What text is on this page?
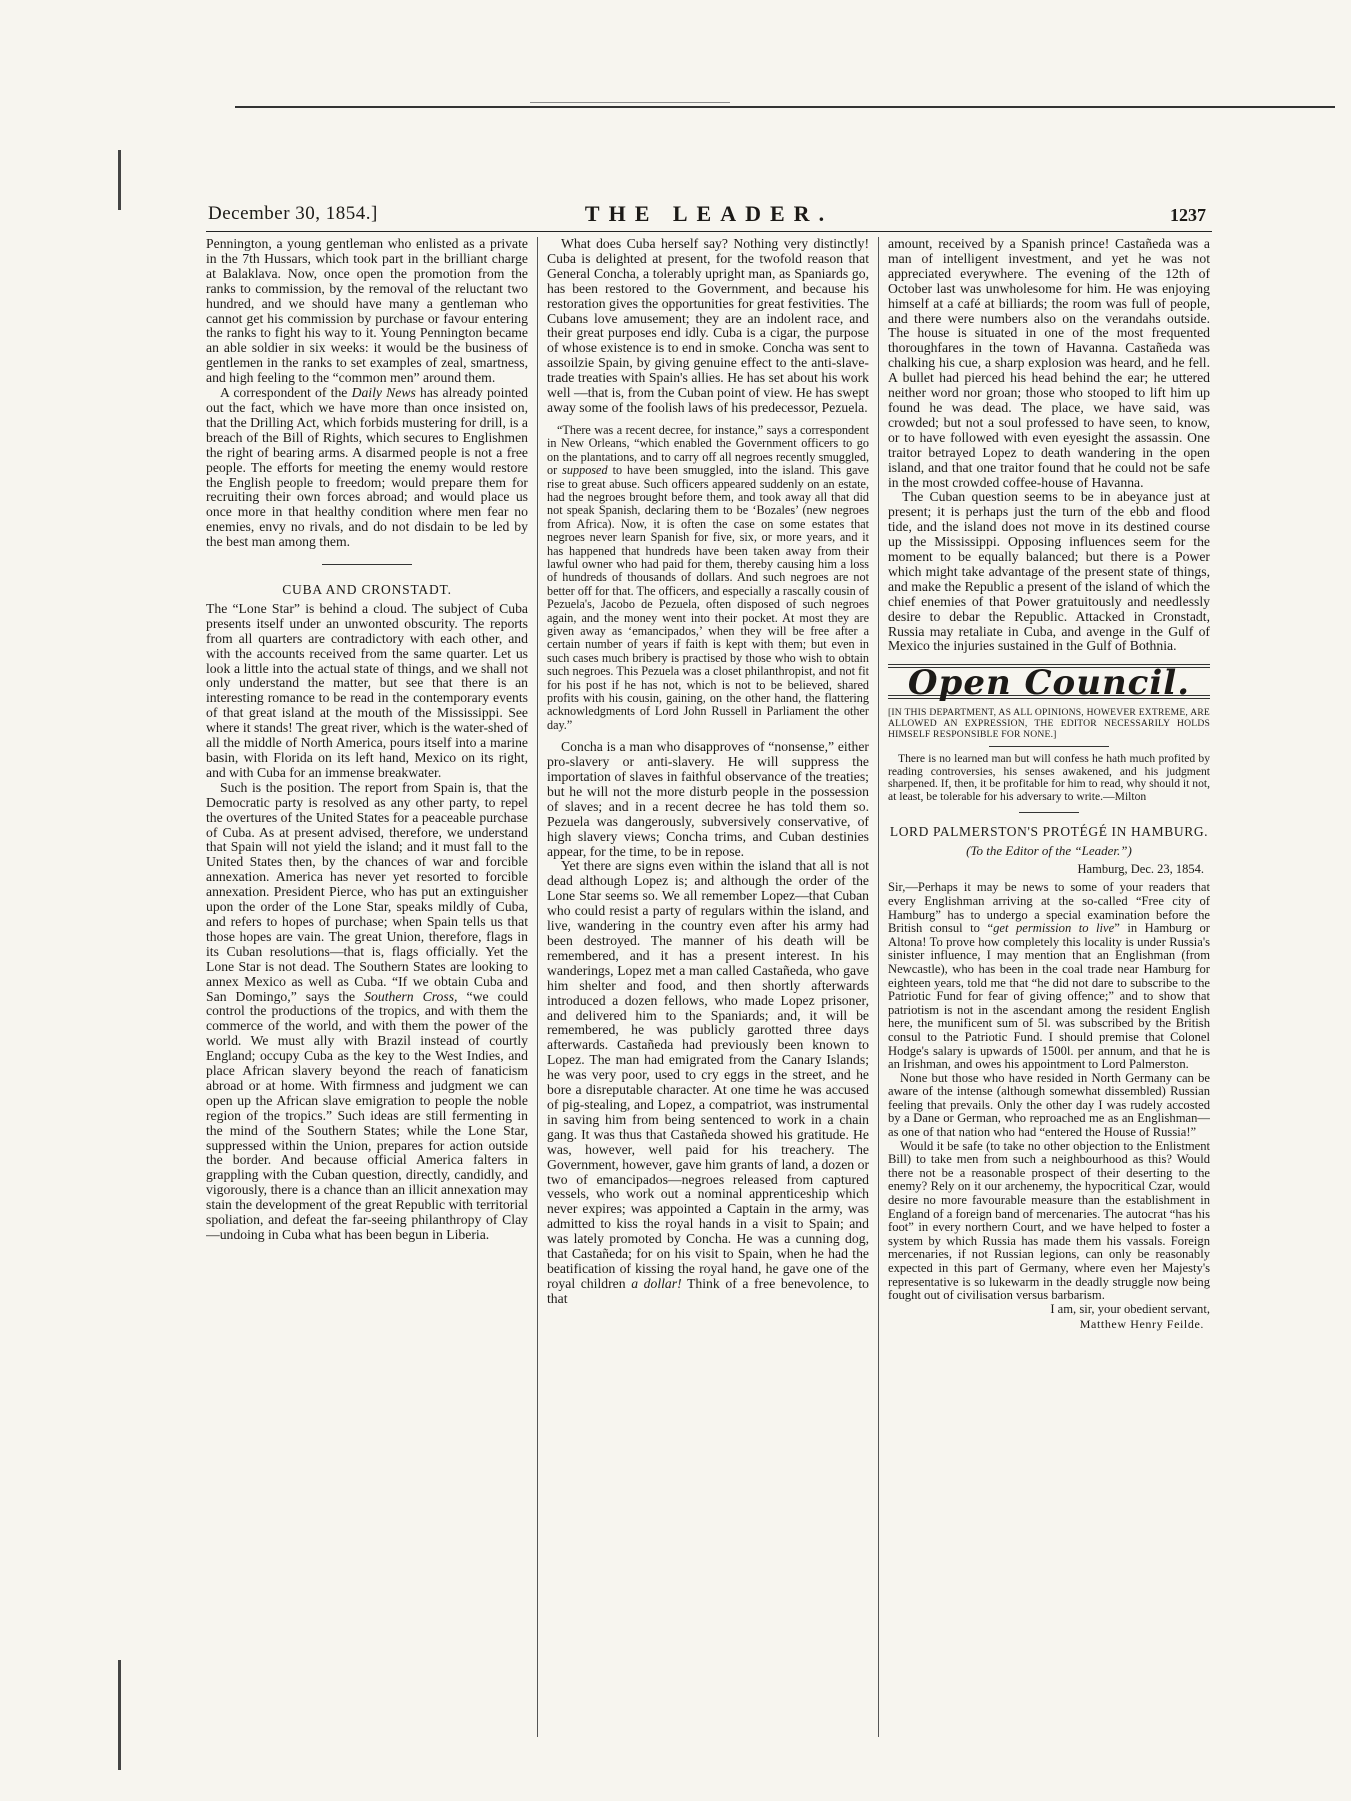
December 30, 1854.]	THE LEADER.	1237

Pennington, a young gentleman who enlisted as a private in the 7th Hussars, which took part in the brilliant charge at Balaklava. Now, once open the promotion from the ranks to commission, by the removal of the reluctant two hundred, and we should have many a gentleman who cannot get his commission by purchase or favour entering the ranks to fight his way to it. Young Pennington became an able soldier in six weeks: it would be the business of gentlemen in the ranks to set examples of zeal, smartness, and high feeling to the “common men” around them.

A correspondent of the Daily News has already pointed out the fact, which we have more than once insisted on, that the Drilling Act, which forbids mustering for drill, is a breach of the Bill of Rights, which secures to Englishmen the right of bearing arms. A disarmed people is not a free people. The efforts for meeting the enemy would restore the English people to freedom; would prepare them for recruiting their own forces abroad; and would place us once more in that healthy condition where men fear no enemies, envy no rivals, and do not disdain to be led by the best man among them.

CUBA AND CRONSTADT.

The “Lone Star” is behind a cloud. The subject of Cuba presents itself under an unwonted obscurity. The reports from all quarters are contradictory with each other, and with the accounts received from the same quarter. Let us look a little into the actual state of things, and we shall not only understand the matter, but see that there is an interesting romance to be read in the contemporary events of that great island at the mouth of the Mississippi. See where it stands! The great river, which is the water-shed of all the middle of North America, pours itself into a marine basin, with Florida on its left hand, Mexico on its right, and with Cuba for an immense breakwater.

Such is the position. The report from Spain is, that the Democratic party is resolved as any other party, to repel the overtures of the United States for a peaceable purchase of Cuba. As at present advised, therefore, we understand that Spain will not yield the island; and it must fall to the United States then, by the chances of war and forcible annexation. America has never yet resorted to forcible annexation. President Pierce, who has put an extinguisher upon the order of the Lone Star, speaks mildly of Cuba, and refers to hopes of purchase; when Spain tells us that those hopes are vain. The great Union, therefore, flags in its Cuban resolutions—that is, flags officially. Yet the Lone Star is not dead. The Southern States are looking to annex Mexico as well as Cuba. “If we obtain Cuba and San Domingo,” says the Southern Cross, “we could control the productions of the tropics, and with them the commerce of the world, and with them the power of the world. We must ally with Brazil instead of courtly England; occupy Cuba as the key to the West Indies, and place African slavery beyond the reach of fanaticism abroad or at home. With firmness and judgment we can open up the African slave emigration to people the noble region of the tropics.” Such ideas are still fermenting in the mind of the Southern States; while the Lone Star, suppressed within the Union, prepares for action outside the border. And because official America falters in grappling with the Cuban question, directly, candidly, and vigorously, there is a chance than an illicit annexation may stain the development of the great Republic with territorial spoliation, and defeat the far-seeing philanthropy of Clay—undoing in Cuba what has been begun in Liberia.

What does Cuba herself say? Nothing very distinctly! Cuba is delighted at present, for the twofold reason that General Concha, a tolerably upright man, as Spaniards go, has been restored to the Government, and because his restoration gives the opportunities for great festivities. The Cubans love amusement; they are an indolent race, and their great purposes end idly. Cuba is a cigar, the purpose of whose existence is to end in smoke. Concha was sent to assoilzie Spain, by giving genuine effect to the anti-slave-trade treaties with Spain's allies. He has set about his work well —that is, from the Cuban point of view. He has swept away some of the foolish laws of his predecessor, Pezuela.

“There was a recent decree, for instance,” says a correspondent in New Orleans, “which enabled the Government officers to go on the plantations, and to carry off all negroes recently smuggled, or supposed to have been smuggled, into the island. This gave rise to great abuse. Such officers appeared suddenly on an estate, had the negroes brought before them, and took away all that did not speak Spanish, declaring them to be ‘Bozales’ (new negroes from Africa). Now, it is often the case on some estates that negroes never learn Spanish for five, six, or more years, and it has happened that hundreds have been taken away from their lawful owner who had paid for them, thereby causing him a loss of hundreds of thousands of dollars. And such negroes are not better off for that. The officers, and especially a rascally cousin of Pezuela's, Jacobo de Pezuela, often disposed of such negroes again, and the money went into their pocket. At most they are given away as ‘emancipados,’ when they will be free after a certain number of years if faith is kept with them; but even in such cases much bribery is practised by those who wish to obtain such negroes. This Pezuela was a closet philanthropist, and not fit for his post if he has not, which is not to be believed, shared profits with his cousin, gaining, on the other hand, the flattering acknowledgments of Lord John Russell in Parliament the other day.”

Concha is a man who disapproves of “nonsense,” either pro-slavery or anti-slavery. He will suppress the importation of slaves in faithful observance of the treaties; but he will not the more disturb people in the possession of slaves; and in a recent decree he has told them so. Pezuela was dangerously, subversively conservative, of high slavery views; Concha trims, and Cuban destinies appear, for the time, to be in repose.

Yet there are signs even within the island that all is not dead although Lopez is; and although the order of the Lone Star seems so. We all remember Lopez—that Cuban who could resist a party of regulars within the island, and live, wandering in the country even after his army had been destroyed. The manner of his death will be remembered, and it has a present interest. In his wanderings, Lopez met a man called Castañeda, who gave him shelter and food, and then shortly afterwards introduced a dozen fellows, who made Lopez prisoner, and delivered him to the Spaniards; and, it will be remembered, he was publicly garotted three days afterwards. Castañeda had previously been known to Lopez. The man had emigrated from the Canary Islands; he was very poor, used to cry eggs in the street, and he bore a disreputable character. At one time he was accused of pig-stealing, and Lopez, a compatriot, was instrumental in saving him from being sentenced to work in a chain gang. It was thus that Castañeda showed his gratitude. He was, however, well paid for his treachery. The Government, however, gave him grants of land, a dozen or two of emancipados—negroes released from captured vessels, who work out a nominal apprenticeship which never expires; was appointed a Captain in the army, was admitted to kiss the royal hands in a visit to Spain; and was lately promoted by Concha. He was a cunning dog, that Castañeda; for on his visit to Spain, when he had the beatification of kissing the royal hand, he gave one of the royal children a dollar! Think of a free benevolence, to that

amount, received by a Spanish prince! Castañeda was a man of intelligent investment, and yet he was not appreciated everywhere. The evening of the 12th of October last was unwholesome for him. He was enjoying himself at a café at billiards; the room was full of people, and there were numbers also on the verandahs outside. The house is situated in one of the most frequented thoroughfares in the town of Havanna. Castañeda was chalking his cue, a sharp explosion was heard, and he fell. A bullet had pierced his head behind the ear; he uttered neither word nor groan; those who stooped to lift him up found he was dead. The place, we have said, was crowded; but not a soul professed to have seen, to know, or to have followed with even eyesight the assassin. One traitor betrayed Lopez to death wandering in the open island, and that one traitor found that he could not be safe in the most crowded coffee-house of Havanna.

The Cuban question seems to be in abeyance just at present; it is perhaps just the turn of the ebb and flood tide, and the island does not move in its destined course up the Mississippi. Opposing influences seem for the moment to be equally balanced; but there is a Power which might take advantage of the present state of things, and make the Republic a present of the island of which the chief enemies of that Power gratuitously and needlessly desire to debar the Republic. Attacked in Cronstadt, Russia may retaliate in Cuba, and avenge in the Gulf of Mexico the injuries sustained in the Gulf of Bothnia.

Open Council.
[IN THIS DEPARTMENT, AS ALL OPINIONS, HOWEVER EXTREME, ARE ALLOWED AN EXPRESSION, THE EDITOR NECESSARILY HOLDS HIMSELF RESPONSIBLE FOR NONE.]

There is no learned man but will confess he hath much profited by reading controversies, his senses awakened, and his judgment sharpened. If, then, it be profitable for him to read, why should it not, at least, be tolerable for his adversary to write.—Milton

LORD PALMERSTON'S PROTÉGÉ IN HAMBURG.
(To the Editor of the “Leader.”)
Hamburg, Dec. 23, 1854.

Sir,—Perhaps it may be news to some of your readers that every Englishman arriving at the so-called “Free city of Hamburg” has to undergo a special examination before the British consul to “get permission to live” in Hamburg or Altona! To prove how completely this locality is under Russia's sinister influence, I may mention that an Englishman (from Newcastle), who has been in the coal trade near Hamburg for eighteen years, told me that “he did not dare to subscribe to the Patriotic Fund for fear of giving offence;” and to show that patriotism is not in the ascendant among the resident English here, the munificent sum of 5l. was subscribed by the British consul to the Patriotic Fund. I should premise that Colonel Hodge's salary is upwards of 1500l. per annum, and that he is an Irishman, and owes his appointment to Lord Palmerston.

None but those who have resided in North Germany can be aware of the intense (although somewhat dissembled) Russian feeling that prevails. Only the other day I was rudely accosted by a Dane or German, who reproached me as an Englishman—as one of that nation who had “entered the House of Russia!”

Would it be safe (to take no other objection to the Enlistment Bill) to take men from such a neighbourhood as this? Would there not be a reasonable prospect of their deserting to the enemy? Rely on it our archenemy, the hypocritical Czar, would desire no more favourable measure than the establishment in England of a foreign band of mercenaries. The autocrat “has his foot” in every northern Court, and we have helped to foster a system by which Russia has made them his vassals. Foreign mercenaries, if not Russian legions, can only be reasonably expected in this part of Germany, where even her Majesty's representative is so lukewarm in the deadly struggle now being fought out of civilisation versus barbarism.

I am, sir, your obedient servant,

Matthew Henry Feilde.
